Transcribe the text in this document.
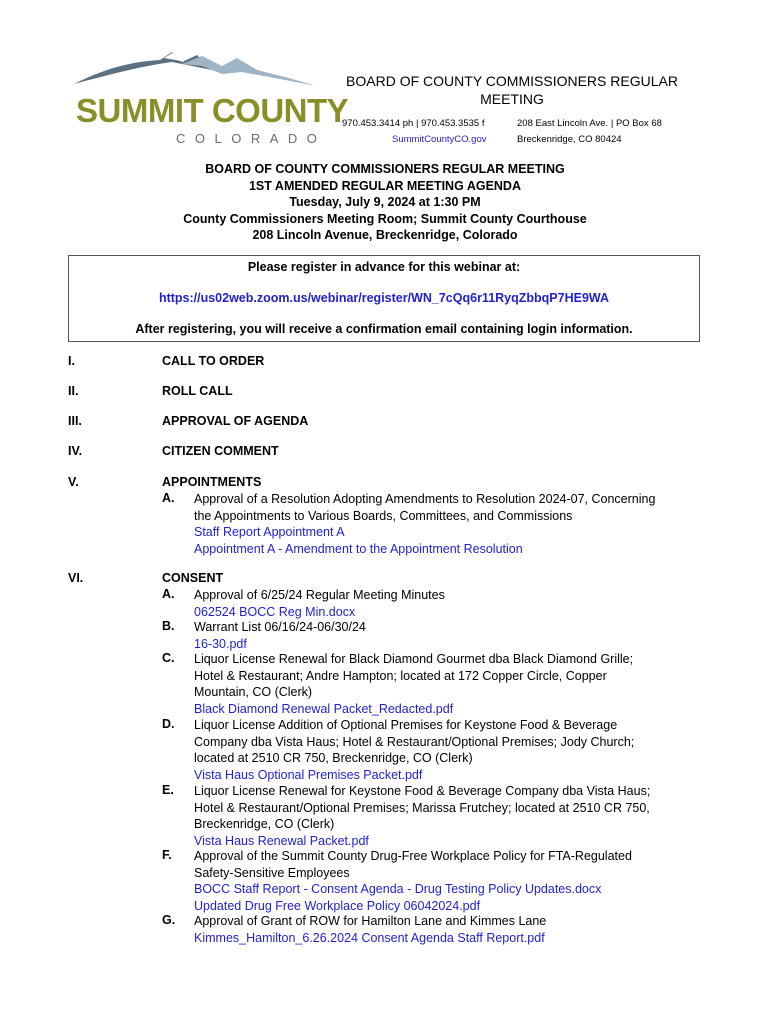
SUMMIT COUNTY
COLORADO
BOARD OF COUNTY COMMISSIONERS REGULAR
MEETING
970.453.3414 ph | 970.453.3535 f
SummitCountyCO.gov
208 East Lincoln Ave. | PO Box 68
Breckenridge, CO 80424
BOARD OF COUNTY COMMISSIONERS REGULAR MEETING
1ST AMENDED REGULAR MEETING AGENDA
Tuesday, July 9, 2024 at 1:30 PM
County Commissioners Meeting Room; Summit County Courthouse
208 Lincoln Avenue, Breckenridge, Colorado
Please register in advance for this webinar at:
https://us02web.zoom.us/webinar/register/WN_7cQq6r11RyqZbbqP7HE9WA
After registering, you will receive a confirmation email containing login information.
I.	CALL TO ORDER
II.	ROLL CALL
III.	APPROVAL OF AGENDA
IV.	CITIZEN COMMENT
V.	APPOINTMENTS
A. Approval of a Resolution Adopting Amendments to Resolution 2024-07, Concerning
the Appointments to Various Boards, Committees, and Commissions
Staff Report Appointment A
Appointment A - Amendment to the Appointment Resolution
VI.	CONSENT
A. Approval of 6/25/24 Regular Meeting Minutes
062524 BOCC Reg Min.docx
B. Warrant List 06/16/24-06/30/24
16-30.pdf
C. Liquor License Renewal for Black Diamond Gourmet dba Black Diamond Grille;
Hotel & Restaurant; Andre Hampton; located at 172 Copper Circle, Copper
Mountain, CO (Clerk)
Black Diamond Renewal Packet_Redacted.pdf
D. Liquor License Addition of Optional Premises for Keystone Food & Beverage
Company dba Vista Haus; Hotel & Restaurant/Optional Premises; Jody Church;
located at 2510 CR 750, Breckenridge, CO (Clerk)
Vista Haus Optional Premises Packet.pdf
E. Liquor License Renewal for Keystone Food & Beverage Company dba Vista Haus;
Hotel & Restaurant/Optional Premises; Marissa Frutchey; located at 2510 CR 750,
Breckenridge, CO (Clerk)
Vista Haus Renewal Packet.pdf
F. Approval of the Summit County Drug-Free Workplace Policy for FTA-Regulated
Safety-Sensitive Employees
BOCC Staff Report - Consent Agenda - Drug Testing Policy Updates.docx
Updated Drug Free Workplace Policy 06042024.pdf
G. Approval of Grant of ROW for Hamilton Lane and Kimmes Lane
Kimmes_Hamilton_6.26.2024 Consent Agenda Staff Report.pdf
